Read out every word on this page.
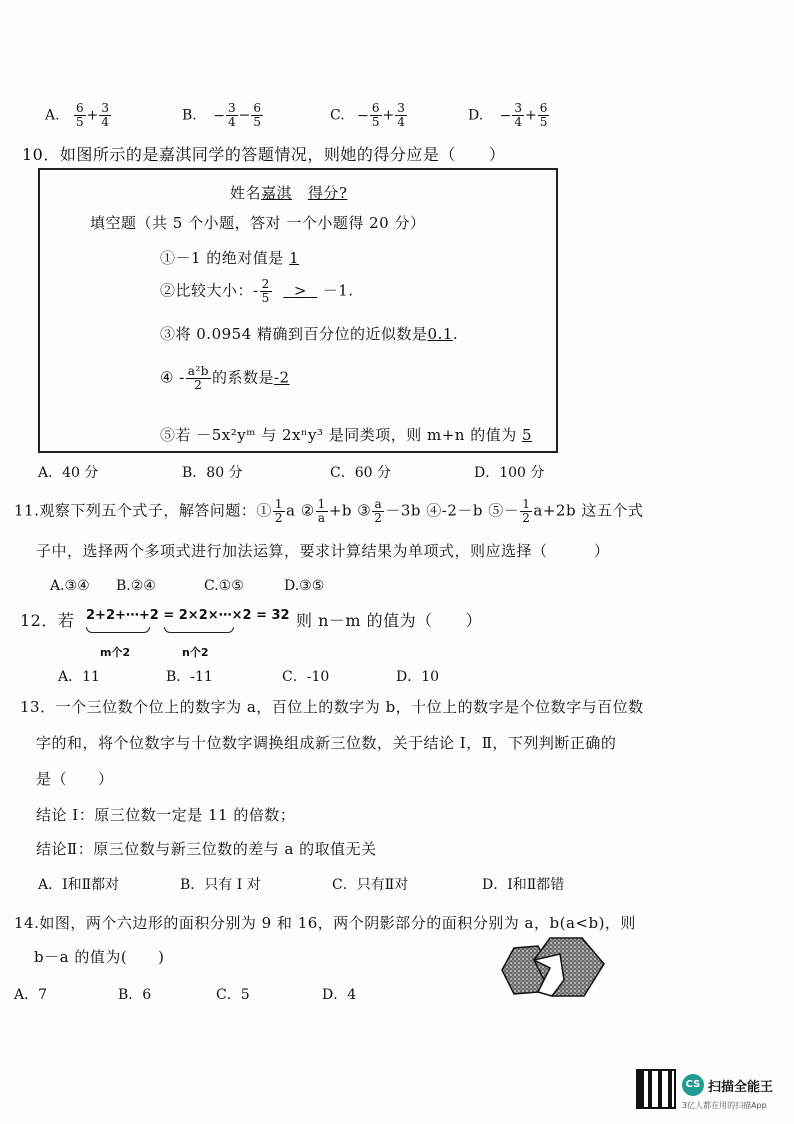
A. $\frac{6}{5} + \frac{3}{4}$	B. − $\frac{3}{4} - \frac{6}{5}$	C. − $\frac{6}{5} + \frac{3}{4}$	D. − $\frac{3}{4} + \frac{6}{5}$
10．如图所示的是嘉淇同学的答题情况，则她的得分应是（　　）
姓名嘉淇 得分?
填空题（共 5 个小题，答对 一个小题得 20 分）
①－1 的绝对值是 1
②比较大小：- $\frac{2}{5} > -1$.
③将 0.0954 精确到百分位的近似数是0.1.
④ - $\frac{\text{a²b}}{2}$ 的系数是-2
⑤若 －5x²yᵐ 与 2xⁿy³ 是同类项，则 m+n 的值为 5
A．40 分	B．80 分	C．60 分	D．100 分
11.观察下列五个式子，解答问题：① $\frac{1}{2}$ a ② $\frac{1}{a} +b$ ③ $\frac{a}{2} -3b$ ④-2－b ⑤－ $\frac{1}{2} a+2b$ 这五个式
子中，选择两个多项式进行加法运算，要求计算结果为单项式，则应选择（　　　）
A.③④ B.②④	C.①⑤	D.③⑤
12．若 2+2+⋯+2 = 2×2×⋯×2 = 32
m个2	n个2
则 n－m 的值为（　　）
A．11	B．-11	C．-10	D．10
13．一个三位数个位上的数字为 a，百位上的数字为 b，十位上的数字是个位数字与百位数
字的和，将个位数字与十位数字调换组成新三位数，关于结论 I，Ⅱ，下列判断正确的
是（　　）
结论 I：原三位数一定是 11 的倍数；
结论Ⅱ：原三位数与新三位数的差与 a 的取值无关
A．I和Ⅱ都对	B．只有 I 对	C．只有Ⅱ对	D．I和Ⅱ都错
14.如图，两个六边形的面积分别为 9 和 16，两个阴影部分的面积分别为 a，b(a<b)，则
b－a 的值为(　　)
A．7	B．6	C．5	D．4
CS 扫描全能王
3亿人都在用的扫描App
